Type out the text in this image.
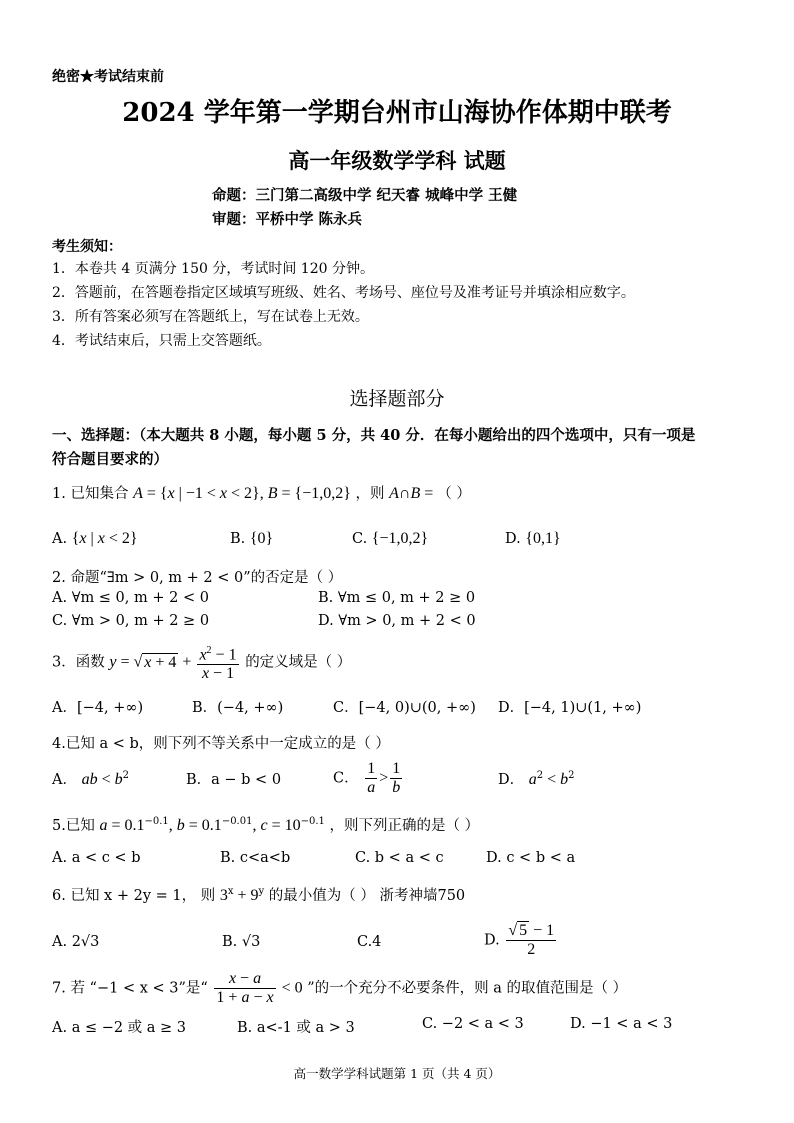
绝密★考试结束前
2024 学年第一学期台州市山海协作体期中联考
高一年级数学学科 试题
命题：三门第二高级中学 纪天睿 城峰中学 王健
审题：平桥中学 陈永兵
考生须知：
1．本卷共 4 页满分 150 分，考试时间 120 分钟。
2．答题前，在答题卷指定区域填写班级、姓名、考场号、座位号及准考证号并填涂相应数字。
3．所有答案必须写在答题纸上，写在试卷上无效。
4．考试结束后，只需上交答题纸。
选择题部分
一、选择题：（本大题共 8 小题，每小题 5 分，共 40 分．在每小题给出的四个选项中，只有一项是
符合题目要求的）
1. 已知集合 A = {x | −1 < x < 2}, B = {−1,0,2} ，则 A∩B = （ ）
A. {x | x < 2}	B. {0}	C. {−1,0,2}	D. {0,1}
2. 命题“∃m > 0, m + 2 < 0”的否定是（ ）
A. ∀m ≤ 0, m + 2 < 0	B. ∀m ≤ 0, m + 2 ≥ 0
C. ∀m > 0, m + 2 ≥ 0	D. ∀m > 0, m + 2 < 0
3．函数 y = √ $x + 4 + \frac{x^2 - 1}{x - 1}$ 的定义域是（ ）
A．[−4, +∞)	B．(−4, +∞)	C．[−4, 0)∪(0, +∞) D．[−4, 1)∪(1, +∞)
4.已知 a < b，则下列不等关系中一定成立的是（ ）
A． ab < $b^2$	B．a − b < 0	C． $\frac{1}{a} > \frac{1}{b}$	D． $a^2 < b^2$
5.已知 $a = 0.1^{-0.1}$, $b = 0.1^{-0.01}$, $c = 10^{-0.1}$ ，则下列正确的是（ ）
A. a < c < b	B. c<a<b	C. b < a < c	D. c < b < a
6. 已知 x + 2y = 1， 则 $3^x + 9^y$ 的最小值为（ ） 浙考神墙750
A. 2√3	B. √3	C.4	D. $\frac{√ 5 - 1}{2}$
7. 若 “−1 < x < 3”是“ $\frac{x - a}{1 + a - x} < 0$ ”的一个充分不必要条件，则 a 的取值范围是（ ）
A. a ≤ −2 或 a ≥ 3	B. a<-1 或 a > 3	C. −2 < a < 3	D. −1 < a < 3
高一数学学科试题第 1 页（共 4 页）
